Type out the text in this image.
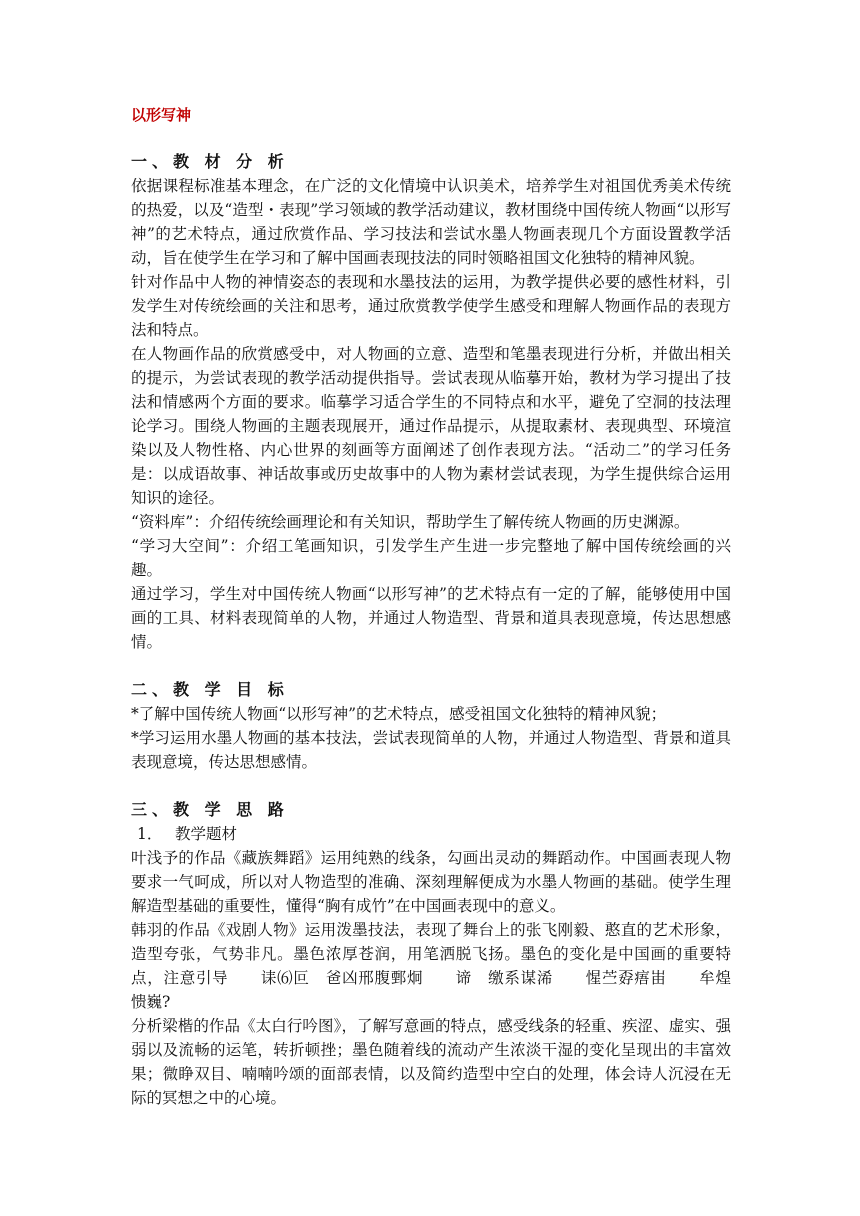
以形写神
一、教 材 分 析

依据课程标准基本理念，在广泛的文化情境中认识美术，培养学生对祖国优秀美术传统的热爱，以及“造型・表现”学习领域的教学活动建议，教材围绕中国传统人物画“以形写神”的艺术特点，通过欣赏作品、学习技法和尝试水墨人物画表现几个方面设置教学活动，旨在使学生在学习和了解中国画表现技法的同时领略祖国文化独特的精神风貌。

针对作品中人物的神情姿态的表现和水墨技法的运用，为教学提供必要的感性材料，引发学生对传统绘画的关注和思考，通过欣赏教学使学生感受和理解人物画作品的表现方法和特点。

在人物画作品的欣赏感受中，对人物画的立意、造型和笔墨表现进行分析，并做出相关的提示，为尝试表现的教学活动提供指导。尝试表现从临摹开始，教材为学习提出了技法和情感两个方面的要求。临摹学习适合学生的不同特点和水平，避免了空洞的技法理论学习。围绕人物画的主题表现展开，通过作品提示，从提取素材、表现典型、环境渲染以及人物性格、内心世界的刻画等方面阐述了创作表现方法。“活动二”的学习任务是：以成语故事、神话故事或历史故事中的人物为素材尝试表现，为学生提供综合运用知识的途径。

“资料库”：介绍传统绘画理论和有关知识，帮助学生了解传统人物画的历史渊源。

“学习大空间”：介绍工笔画知识，引发学生产生进一步完整地了解中国传统绘画的兴趣。

通过学习，学生对中国传统人物画“以形写神”的艺术特点有一定的了解，能够使用中国画的工具、材料表现简单的人物，并通过人物造型、背景和道具表现意境，传达思想感情。

二、教 学 目 标

*了解中国传统人物画“以形写神”的艺术特点，感受祖国文化独特的精神风貌；

*学习运用水墨人物画的基本技法，尝试表现简单的人物，并通过人物造型、背景和道具表现意境，传达思想感情。

三、教 学 思 路
1． 教学题材

叶浅予的作品《藏族舞蹈》运用纯熟的线条，勾画出灵动的舞蹈动作。中国画表现人物要求一气呵成，所以对人物造型的准确、深刻理解便成为水墨人物画的基础。使学生理解造型基础的重要性，懂得“胸有成竹”在中国画表现中的意义。

韩羽的作品《戏剧人物》运用泼墨技法，表现了舞台上的张飞刚毅、憨直的艺术形象，造型夸张，气势非凡。墨色浓厚苍润，用笔洒脱飞扬。墨色的变化是中国画的重要特点，注意引导　　诔⑹叵　爸凶邢腹鄄炯　　谛　缴系谋浠　　惺苎孬痦峀　　牟煌　愦巍?

分析梁楷的作品《太白行吟图》，了解写意画的特点，感受线条的轻重、疾涩、虚实、强弱以及流畅的运笔，转折顿挫；墨色随着线的流动产生浓淡干湿的变化呈现出的丰富效果；微睁双目、喃喃吟颂的面部表情，以及简约造型中空白的处理，体会诗人沉浸在无际的冥想之中的心境。
